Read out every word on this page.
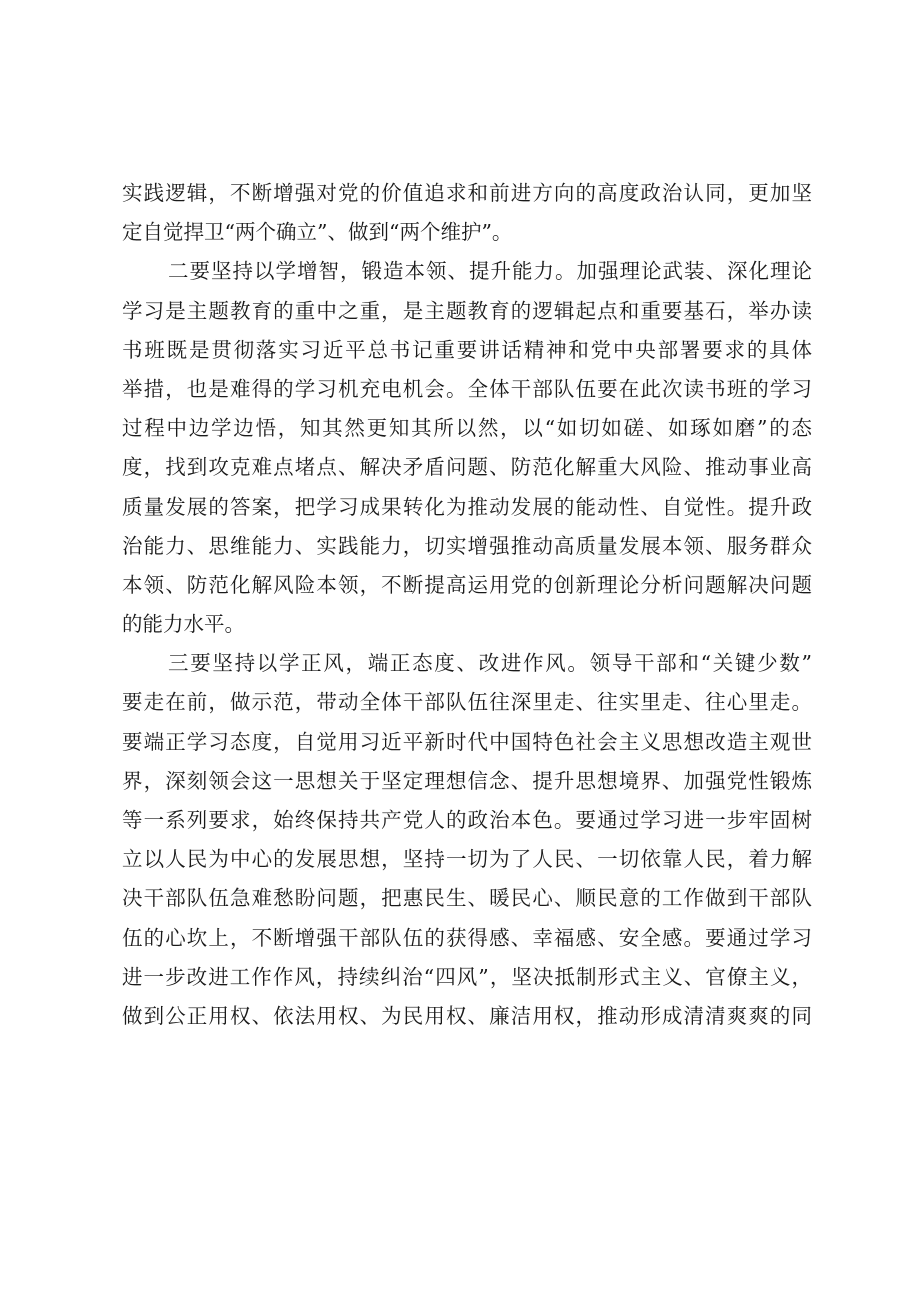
实践逻辑，不断增强对党的价值追求和前进方向的高度政治认同，更加坚
定自觉捍卫“两个确立”、做到“两个维护”。
二要坚持以学增智，锻造本领、提升能力。加强理论武装、深化理论
学习是主题教育的重中之重，是主题教育的逻辑起点和重要基石，举办读
书班既是贯彻落实习近平总书记重要讲话精神和党中央部署要求的具体
举措，也是难得的学习机充电机会。全体干部队伍要在此次读书班的学习
过程中边学边悟，知其然更知其所以然，以“如切如磋、如琢如磨”的态
度，找到攻克难点堵点、解决矛盾问题、防范化解重大风险、推动事业高
质量发展的答案，把学习成果转化为推动发展的能动性、自觉性。提升政
治能力、思维能力、实践能力，切实增强推动高质量发展本领、服务群众
本领、防范化解风险本领，不断提高运用党的创新理论分析问题解决问题
的能力水平。
三要坚持以学正风，端正态度、改进作风。领导干部和“关键少数”
要走在前，做示范，带动全体干部队伍往深里走、往实里走、往心里走。
要端正学习态度，自觉用习近平新时代中国特色社会主义思想改造主观世
界，深刻领会这一思想关于坚定理想信念、提升思想境界、加强党性锻炼
等一系列要求，始终保持共产党人的政治本色。要通过学习进一步牢固树
立以人民为中心的发展思想，坚持一切为了人民、一切依靠人民，着力解
决干部队伍急难愁盼问题，把惠民生、暖民心、顺民意的工作做到干部队
伍的心坎上，不断增强干部队伍的获得感、幸福感、安全感。要通过学习
进一步改进工作作风，持续纠治“四风”，坚决抵制形式主义、官僚主义，
做到公正用权、依法用权、为民用权、廉洁用权，推动形成清清爽爽的同
